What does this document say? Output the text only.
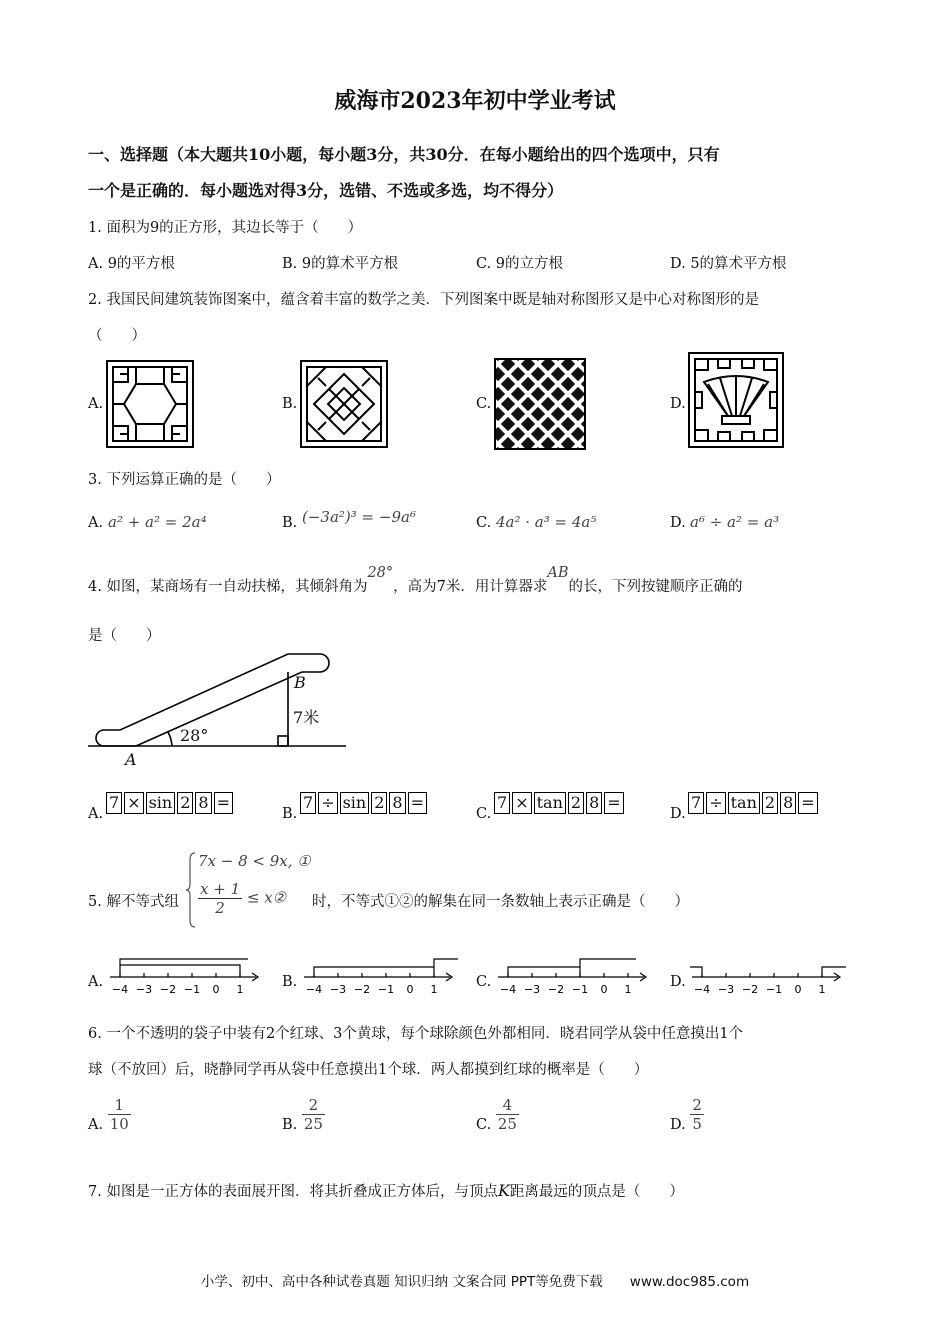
威海市2023年初中学业考试
一、选择题（本大题共10小题，每小题3分，共30分．在每小题给出的四个选项中，只有
一个是正确的．每小题选对得3分，选错、不选或多选，均不得分）
1. 面积为9的正方形，其边长等于（　　）
A. 9的平方根	B. 9的算术平方根	C. 9的立方根	D. 5的算术平方根
2. 我国民间建筑装饰图案中，蕴含着丰富的数学之美．下列图案中既是轴对称图形又是中心对称图形的是
（　　）
A.	B.	C.	D.
3. 下列运算正确的是（　　）
A. a² + a² = 2a⁴	B. (−3a²)³ = −9a⁶	C. 4a² · a³ = 4a⁵	D. a⁶ ÷ a² = a³
4. 如图，某商场有一自动扶梯，其倾斜角为28°，高为7米．用计算器求AB的长，下列按键顺序正确的
是（　　）
A
B
7米
28°
A.
7 × sin 2 8 =
B.
7 ÷ sin 2 8 =
C.
7 × tan 2 8 =
D.
7 ÷ tan 2 8 =
5. 解不等式组
7x − 8 < 9x, ①
$\frac{x + 1}{2}$ ≤ x② 时，不等式①②的解集在同一条数轴上表示正确是（　　）
A.	B.	C.	D.
−4 −3 −2 −1 0 1	−4 −3 −2 −1 0 1	−4 −3 −2 −1 0 1	−4 −3 −2 −1 0 1
6. 一个不透明的袋子中装有2个红球、3个黄球，每个球除颜色外都相同．晓君同学从袋中任意摸出1个
球（不放回）后，晓静同学再从袋中任意摸出1个球．两人都摸到红球的概率是（　　）
A. $\frac{1}{10}$	B. $\frac{2}{25}$	C. $\frac{4}{25}$	D. $\frac{2}{5}$
7. 如图是一正方体的表面展开图．将其折叠成正方体后，与顶点K距离最远的顶点是（　　）
小学、初中、高中各种试卷真题 知识归纳 文案合同 PPT等免费下载　　www.doc985.com
